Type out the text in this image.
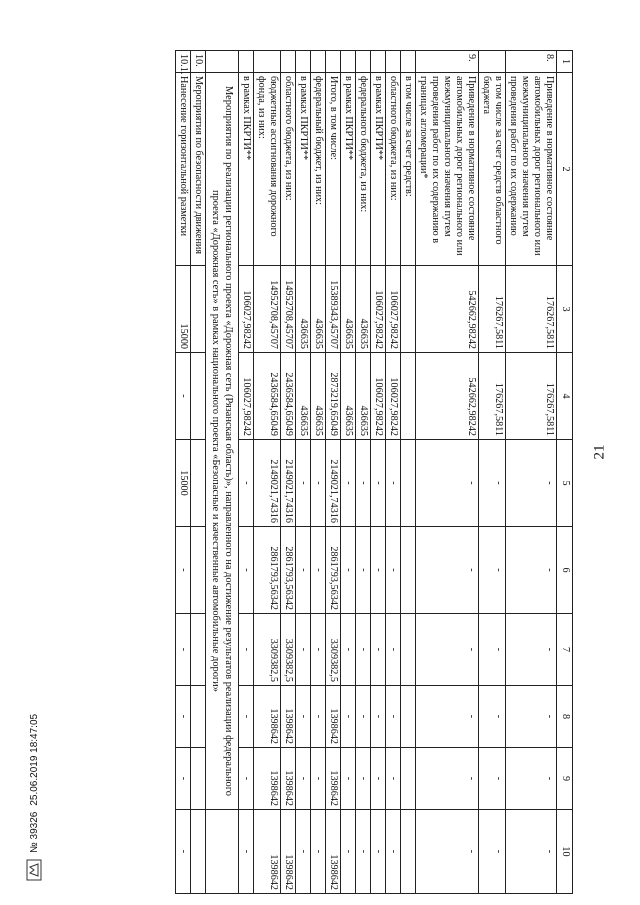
21
1	2	3	4	5	6	7	8	9	10
8.	Приведение в нормативное состояние автомобильных дорог регионального или межмуниципального значения путем проведения работ по их содержанию	176267,5811	176267,5811	-	-	-	-	-	-
	в том числе за счет средств областного бюджета	176267,5811	176267,5811	-	-	-	-	-	-
9.	Приведение в нормативное состояние автомобильных дорог регионального или межмуниципального значения путем проведения работ по их содержанию в границах агломерации*	542662,98242	542662,98242	-	-	-	-	-	-
	в том числе за счет средств:								
	областного бюджета, из них:	106027,98242	106027,98242	-	-	-	-	-	-
	в рамках ПКРТИ**	106027,98242	106027,98242	-	-	-	-	-	-
	федерального бюджета, из них:	436635	436635	-	-	-	-	-	-
	в рамках ПКРТИ**	436635	436635	-	-	-	-	-	-
	Итого, в том числе:	15389343,45707	2873219,65049	2149021,74316	2861793,56342	3309382,5	1398642	1398642	1398642
	федеральный бюджет, из них:	436635	436635	-	-	-	-	-	-
	в рамках ПКРТИ**	436635	436635	-	-	-	-	-	-
	областного бюджета, из них:	14952708,45707	2436584,65049	2149021,74316	2861793,56342	3309382,5	1398642	1398642	1398642
	бюджетные ассигнования дорожного фонда, из них:	14952708,45707	2436584,65049	2149021,74316	2861793,56342	3309382,5	1398642	1398642	1398642
	в рамках ПКРТИ**	106027,98242	106027,98242	-	-	-	-	-	-
	Мероприятия по реализации регионального проекта «Дорожная сеть (Рязанская область)», направленного на достижение результатов реализации федерального проекта «Дорожная сеть» в рамках национального проекта «Безопасные и качественные автомобильные дороги»								
10.	Мероприятия по безопасности движения								
10.1.	Нанесение горизонтальной разметки	15000	-	15000	-	-	-	-	-
№ 39326
25.06.2019 18:47:05
